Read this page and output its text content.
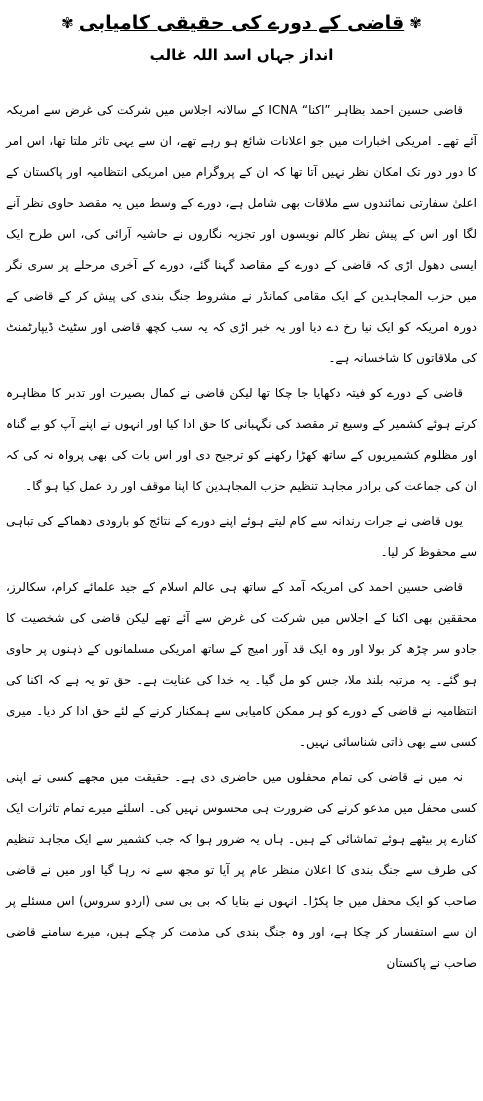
✾ قاضی کے دورے کی حقیقی کامیابی ✾
انداز جہاں اسد اللہ غالب

قاضی حسین احمد بظاہر ”اکنا“ ICNA کے سالانہ اجلاس میں شرکت کی غرض سے امریکہ آئے تھے۔ امریکی اخبارات میں جو اعلانات شائع ہو رہے تھے، ان سے یہی تاثر ملتا تھا، اس امر کا دور دور تک امکان نظر نہیں آتا تھا کہ ان کے پروگرام میں امریکی انتظامیہ اور پاکستان کے اعلیٰ سفارتی نمائندوں سے ملاقات بھی شامل ہے، دورے کے وسط میں یہ مقصد حاوی نظر آنے لگا اور اس کے پیش نظر کالم نویسوں اور تجزیہ نگاروں نے حاشیہ آرائی کی، اس طرح ایک ایسی دھول اڑی کہ قاضی کے دورے کے مقاصد گہنا گئے، دورے کے آخری مرحلے پر سری نگر میں حزب المجاہدین کے ایک مقامی کمانڈر نے مشروط جنگ بندی کی پیش کر کے قاضی کے دورہ امریکہ کو ایک نیا رخ دے دیا اور یہ خبر اڑی کہ یہ سب کچھ قاضی اور سٹیٹ ڈیپارٹمنٹ کی ملاقاتوں کا شاخسانہ ہے۔

قاضی کے دورے کو فیتہ دکھایا جا چکا تھا لیکن قاضی نے کمال بصیرت اور تدبر کا مظاہرہ کرتے ہوئے کشمیر کے وسیع تر مقصد کی نگہبانی کا حق ادا کیا اور انہوں نے اپنے آپ کو بے گناہ اور مظلوم کشمیریوں کے ساتھ کھڑا رکھنے کو ترجیح دی اور اس بات کی بھی پرواہ نہ کی کہ ان کی جماعت کی برادر مجاہد تنظیم حزب المجاہدین کا اپنا موقف اور رد عمل کیا ہو گا۔

یوں قاضی نے جرات رندانہ سے کام لیتے ہوئے اپنے دورے کے نتائج کو بارودی دھماکے کی تباہی سے محفوظ کر لیا۔

قاضی حسین احمد کی امریکہ آمد کے ساتھ ہی عالم اسلام کے جید علمائے کرام، سکالرز، محققین بھی اکنا کے اجلاس میں شرکت کی غرض سے آئے تھے لیکن قاضی کی شخصیت کا جادو سر چڑھ کر بولا اور وہ ایک قد آور امیج کے ساتھ امریکی مسلمانوں کے ذہنوں پر حاوی ہو گئے۔ یہ مرتبہ بلند ملا، جس کو مل گیا۔ یہ خدا کی عنایت ہے۔ حق تو یہ ہے کہ اکنا کی انتظامیہ نے قاضی کے دورے کو ہر ممکن کامیابی سے ہمکنار کرنے کے لئے حق ادا کر دیا۔ میری کسی سے بھی ذاتی شناسائی نہیں۔

نہ میں نے قاضی کی تمام محفلوں میں حاضری دی ہے۔ حقیقت میں مجھے کسی نے اپنی کسی محفل میں مدعو کرنے کی ضرورت ہی محسوس نہیں کی۔ اسلئے میرے تمام تاثرات ایک کنارے پر بیٹھے ہوئے تماشائی کے ہیں۔ ہاں یہ ضرور ہوا کہ جب کشمیر سے ایک مجاہد تنظیم کی طرف سے جنگ بندی کا اعلان منظر عام پر آیا تو مجھ سے نہ رہا گیا اور میں نے قاضی صاحب کو ایک محفل میں جا پکڑا۔ انہوں نے بتایا کہ بی بی سی (اردو سروس) اس مسئلے پر ان سے استفسار کر چکا ہے، اور وہ جنگ بندی کی مذمت کر چکے ہیں، میرے سامنے قاضی صاحب نے پاکستان
